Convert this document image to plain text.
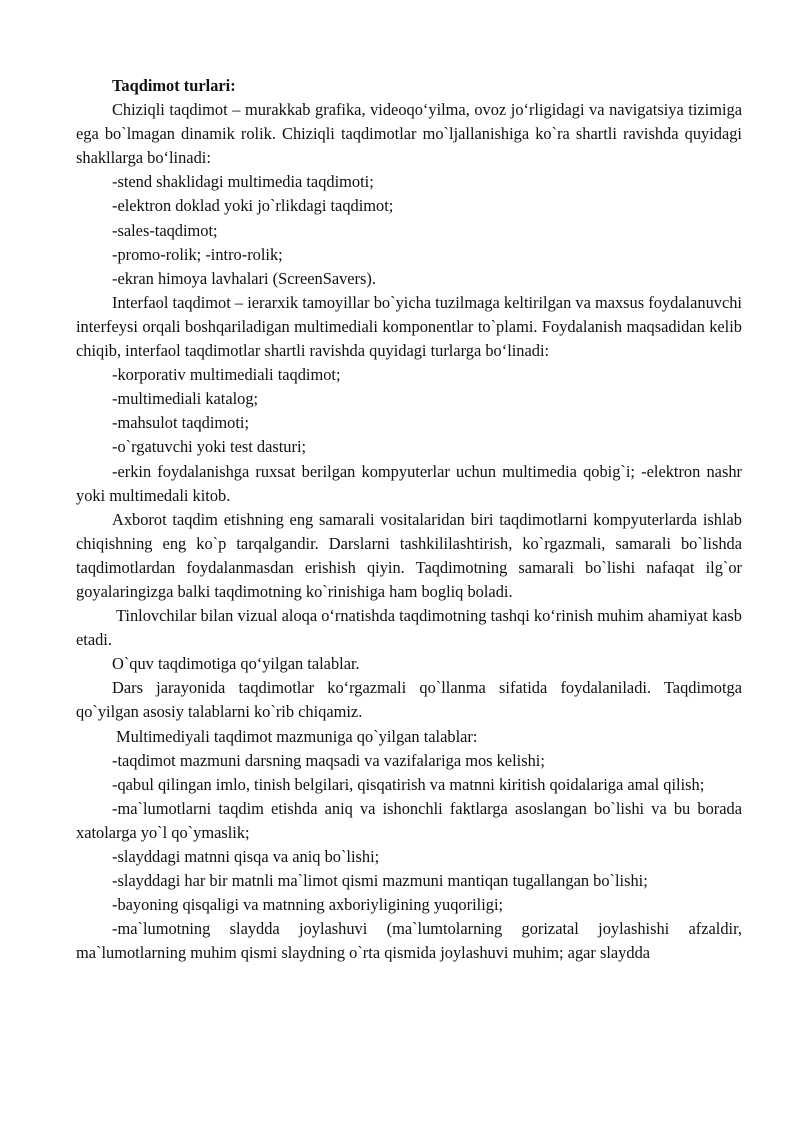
Taqdimot turlari:

Chiziqli taqdimot – murakkab grafika, videoqo‘yilma, ovoz jo‘rligidagi va navigatsiya tizimiga ega bo`lmagan dinamik rolik. Chiziqli taqdimotlar mo`ljallanishiga ko`ra shartli ravishda quyidagi shakllarga bo‘linadi:

-stend shaklidagi multimedia taqdimoti;

-elektron doklad yoki jo`rlikdagi taqdimot;

-sales-taqdimot;

-promo-rolik; -intro-rolik;

-ekran himoya lavhalari (ScreenSavers).

Interfaol taqdimot – ierarxik tamoyillar bo`yicha tuzilmaga keltirilgan va maxsus foydalanuvchi interfeysi orqali boshqariladigan multimediali komponentlar to`plami. Foydalanish maqsadidan kelib chiqib, interfaol taqdimotlar shartli ravishda quyidagi turlarga bo‘linadi:

-korporativ multimediali taqdimot;

-multimediali katalog;

-mahsulot taqdimoti;

-o`rgatuvchi yoki test dasturi;

-erkin foydalanishga ruxsat berilgan kompyuterlar uchun multimedia qobig`i; -elektron nashr yoki multimedali kitob.

Axborot taqdim etishning eng samarali vositalaridan biri taqdimotlarni kompyuterlarda ishlab chiqishning eng ko`p tarqalgandir. Darslarni tashkililashtirish, ko`rgazmali, samarali bo`lishda taqdimotlardan foydalanmasdan erishish qiyin. Taqdimotning samarali bo`lishi nafaqat ilg`or goyalaringizga balki taqdimotning ko`rinishiga ham bogliq boladi.

Tinlovchilar bilan vizual aloqa o‘rnatishda taqdimotning tashqi ko‘rinish muhim ahamiyat kasb etadi.

O`quv taqdimotiga qo‘yilgan talablar.

Dars jarayonida taqdimotlar ko‘rgazmali qo`llanma sifatida foydalaniladi. Taqdimotga qo`yilgan asosiy talablarni ko`rib chiqamiz.

Multimediyali taqdimot mazmuniga qo`yilgan talablar:

-taqdimot mazmuni darsning maqsadi va vazifalariga mos kelishi;

-qabul qilingan imlo, tinish belgilari, qisqatirish va matnni kiritish qoidalariga amal qilish;

-ma`lumotlarni taqdim etishda aniq va ishonchli faktlarga asoslangan bo`lishi va bu borada xatolarga yo`l qo`ymaslik;

-slayddagi matnni qisqa va aniq bo`lishi;

-slayddagi har bir matnli ma`limot qismi mazmuni mantiqan tugallangan bo`lishi;

-bayoning qisqaligi va matnning axboriyligining yuqoriligi;

-ma`lumotning slaydda joylashuvi (ma`lumtolarning gorizatal joylashishi afzaldir, ma`lumotlarning muhim qismi slaydning o`rta qismida joylashuvi muhim; agar slaydda
